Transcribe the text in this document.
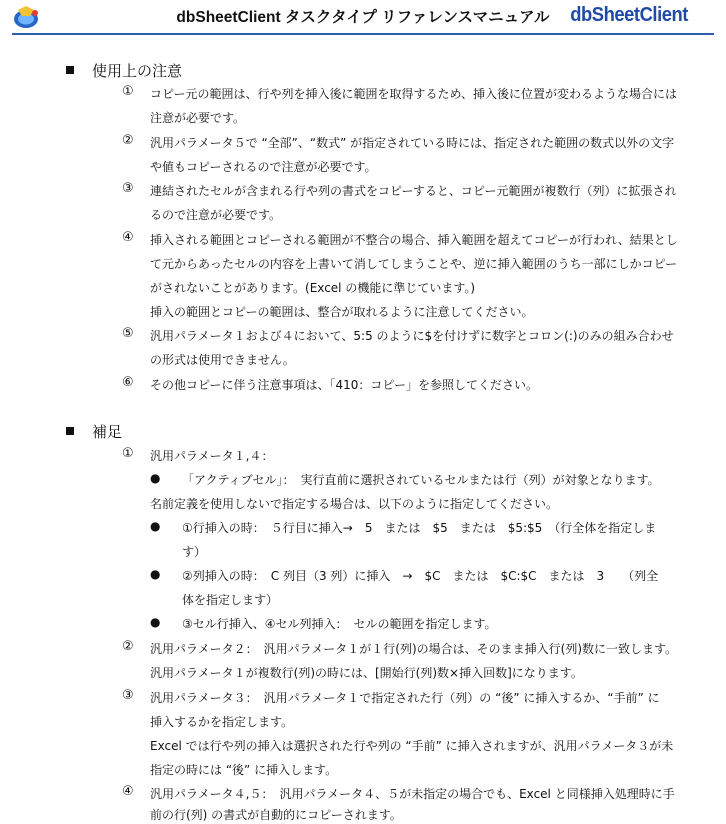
dbSheetClient タスクタイプ リファレンスマニュアル	dbSheetClient
使用上の注意
① コピー元の範囲は、行や列を挿入後に範囲を取得するため、挿入後に位置が変わるような場合には
注意が必要です。
② 汎用パラメータ５で “全部”、“数式” が指定されている時には、指定された範囲の数式以外の文字
や値もコピーされるので注意が必要です。
③ 連結されたセルが含まれる行や列の書式をコピーすると、コピー元範囲が複数行（列）に拡張され
るので注意が必要です。
④ 挿入される範囲とコピーされる範囲が不整合の場合、挿入範囲を超えてコピーが行われ、結果とし
て元からあったセルの内容を上書いて消してしまうことや、逆に挿入範囲のうち一部にしかコピー
がされないことがあります。(Excel の機能に準じています。)
挿入の範囲とコピーの範囲は、整合が取れるように注意してください。
⑤ 汎用パラメータ１および４において、5:5 のように$を付けずに数字とコロン(:)のみの組み合わせ
の形式は使用できません。
⑥ その他コピーに伴う注意事項は、「410：コピー」を参照してください。
補足
① 汎用パラメータ１,４：
● 「アクティブセル」：　実行直前に選択されているセルまたは行（列）が対象となります。
名前定義を使用しないで指定する場合は、以下のように指定してください。
● ①行挿入の時：　５行目に挿入→　5　または　$5　または　$5:$5　（行全体を指定しま
す）
● ②列挿入の時：　C 列目（3 列）に挿入　→　$C　または　$C:$C　または　3　　（列全
体を指定します）
● ③セル行挿入、④セル列挿入：　セルの範囲を指定します。
② 汎用パラメータ２：　汎用パラメータ１が１行(列)の場合は、そのまま挿入行(列)数に一致します。
汎用パラメータ１が複数行(列)の時には、[開始行(列)数×挿入回数]になります。
③ 汎用パラメータ３：　汎用パラメータ１で指定された行（列）の “後” に挿入するか、“手前” に
挿入するかを指定します。
Excel では行や列の挿入は選択された行や列の “手前” に挿入されますが、汎用パラメータ３が未
指定の時には “後” に挿入します。
④ 汎用パラメータ４,５：　汎用パラメータ４、５が未指定の場合でも、Excel と同様挿入処理時に手
前の行(列) の書式が自動的にコピーされます。
